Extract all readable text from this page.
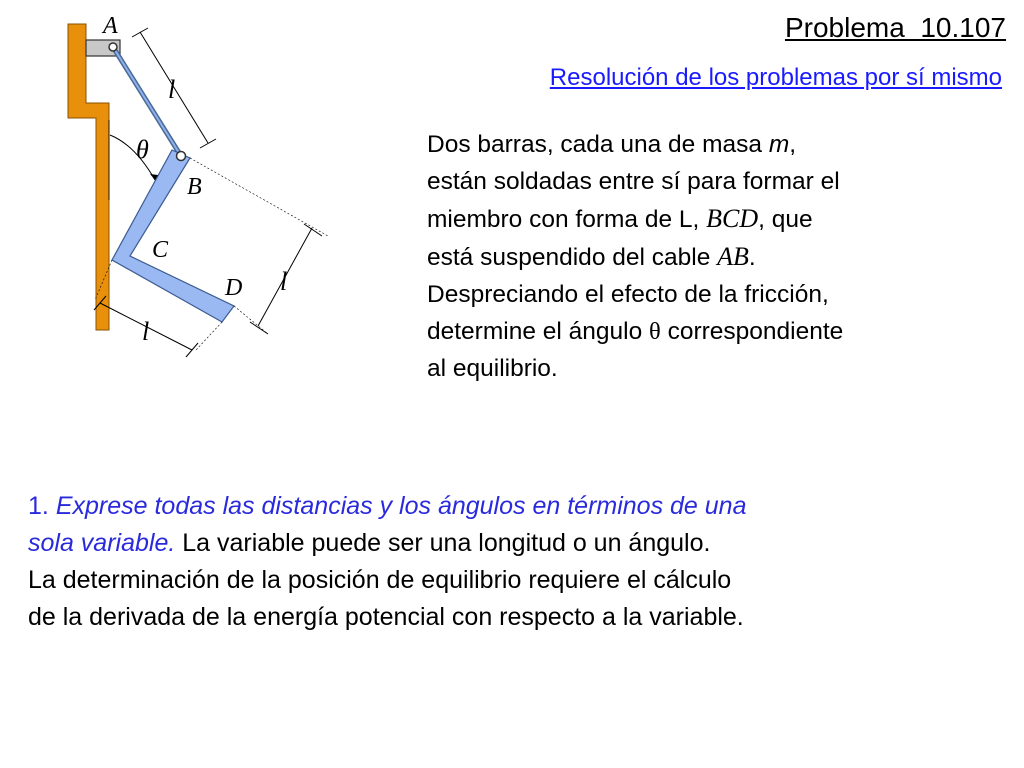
A
l
θ
B
C
D l
l
Problema  10.107
Resolución de los problemas por sí mismo
Dos barras, cada una de masa m,
están soldadas entre sí para formar el
miembro con forma de L, BCD, que
está suspendido del cable AB.
Despreciando el efecto de la fricción,
determine el ángulo θ correspondiente
al equilibrio.
1. Exprese todas las distancias y los ángulos en términos de una
sola variable. La variable puede ser una longitud o un ángulo.
La determinación de la posición de equilibrio requiere el cálculo
de la derivada de la energía potencial con respecto a la variable.
